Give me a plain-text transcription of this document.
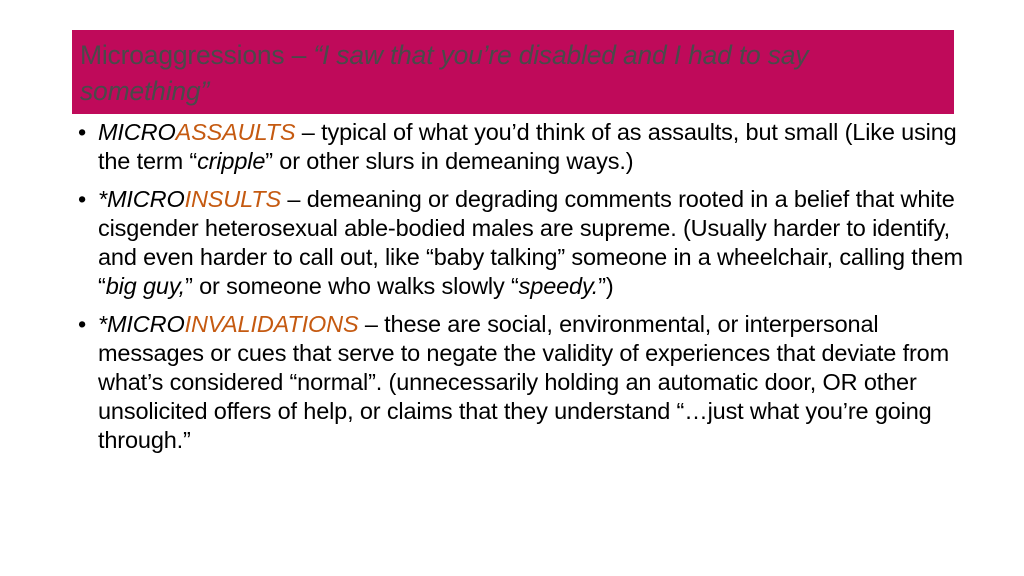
Microaggressions – “I saw that you’re disabled and I had to say something”
• MICROASSAULTS – typical of what you’d think of as assaults, but small (Like using the term “cripple” or other slurs in demeaning ways.)
• *MICROINSULTS – demeaning or degrading comments rooted in a belief that white cisgender heterosexual able-bodied males are supreme. (Usually harder to identify, and even harder to call out, like “baby talking” someone in a wheelchair, calling them “big guy,” or someone who walks slowly “speedy.”)
• *MICROINVALIDATIONS – these are social, environmental, or interpersonal messages or cues that serve to negate the validity of experiences that deviate from what’s considered “normal”. (unnecessarily holding an automatic door, OR other unsolicited offers of help, or claims that they understand “…just what you’re going through.”
